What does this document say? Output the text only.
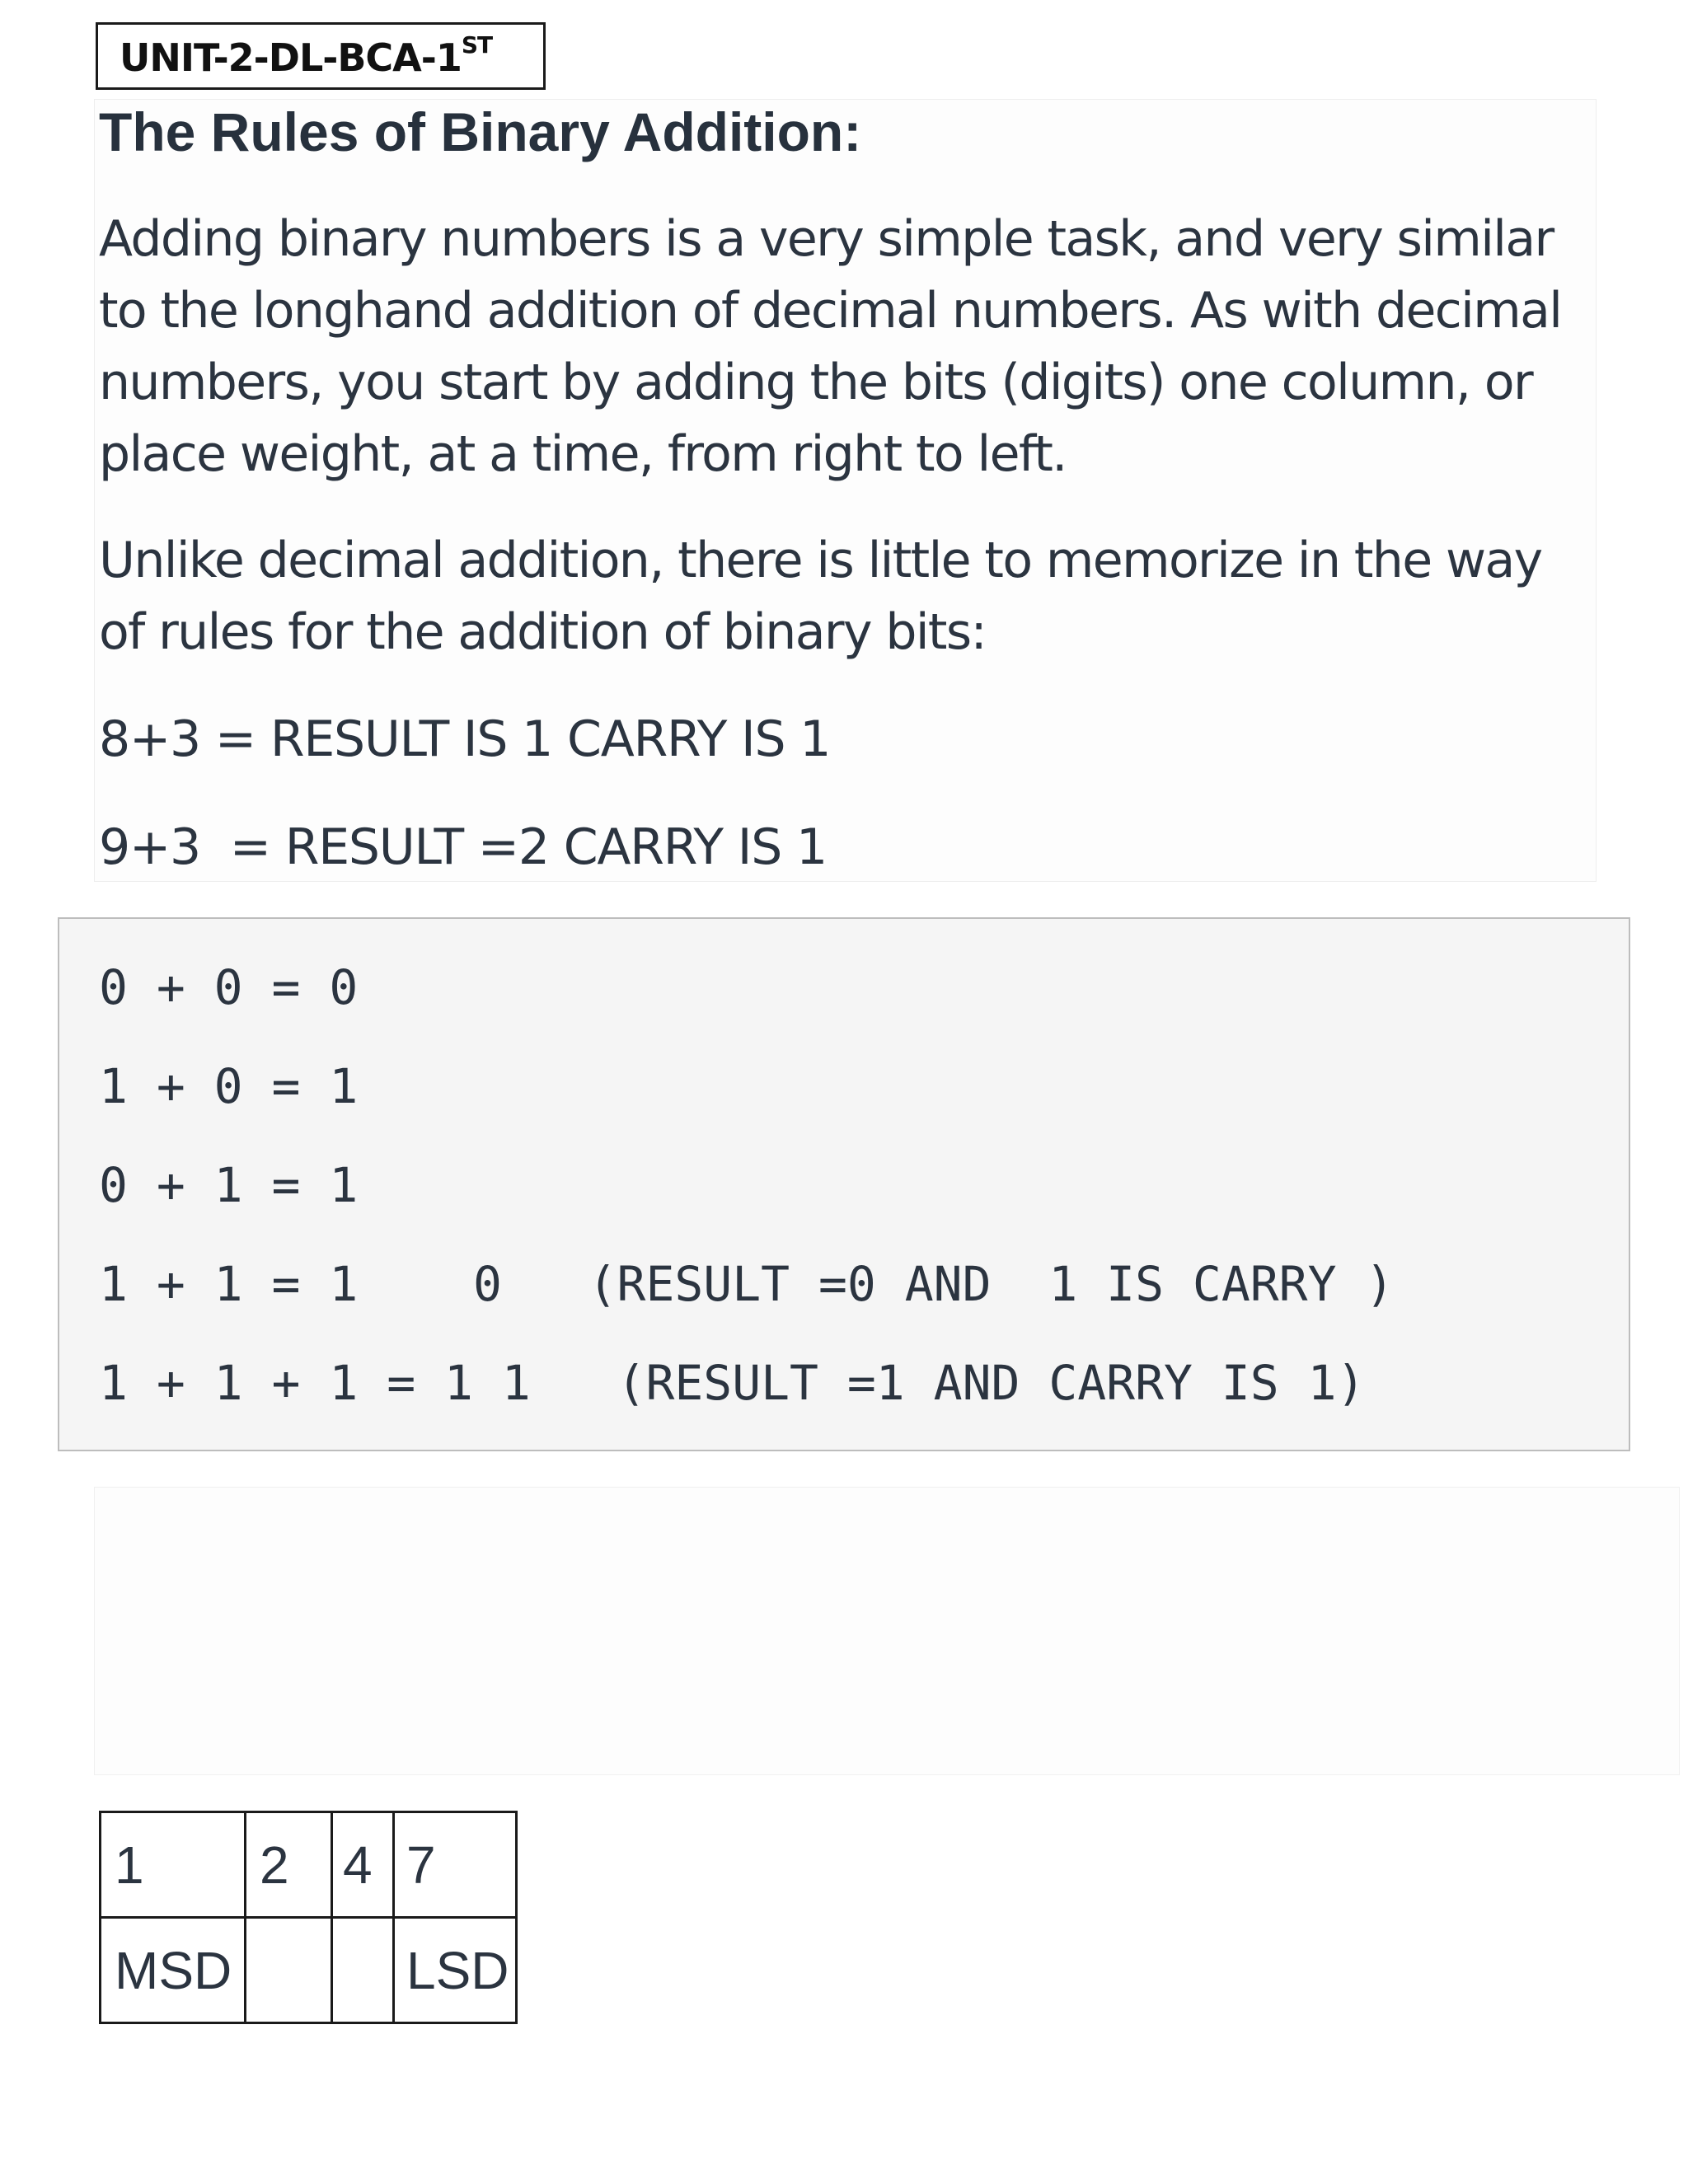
UNIT-2-DL-BCA-1ST
The Rules of Binary Addition:
Adding binary numbers is a very simple task, and very similar
to the longhand addition of decimal numbers. As with decimal
numbers, you start by adding the bits (digits) one column, or
place weight, at a time, from right to left.
Unlike decimal addition, there is little to memorize in the way
of rules for the addition of binary bits:
8+3 = RESULT IS 1 CARRY IS 1
9+3  = RESULT =2 CARRY IS 1
0 + 0 = 0
1 + 0 = 1
0 + 1 = 1
1 + 1 = 1    0   (RESULT =0 AND  1 IS CARRY )
1 + 1 + 1 = 1 1   (RESULT =1 AND CARRY IS 1)
1	2	4	7
MSD			LSD
